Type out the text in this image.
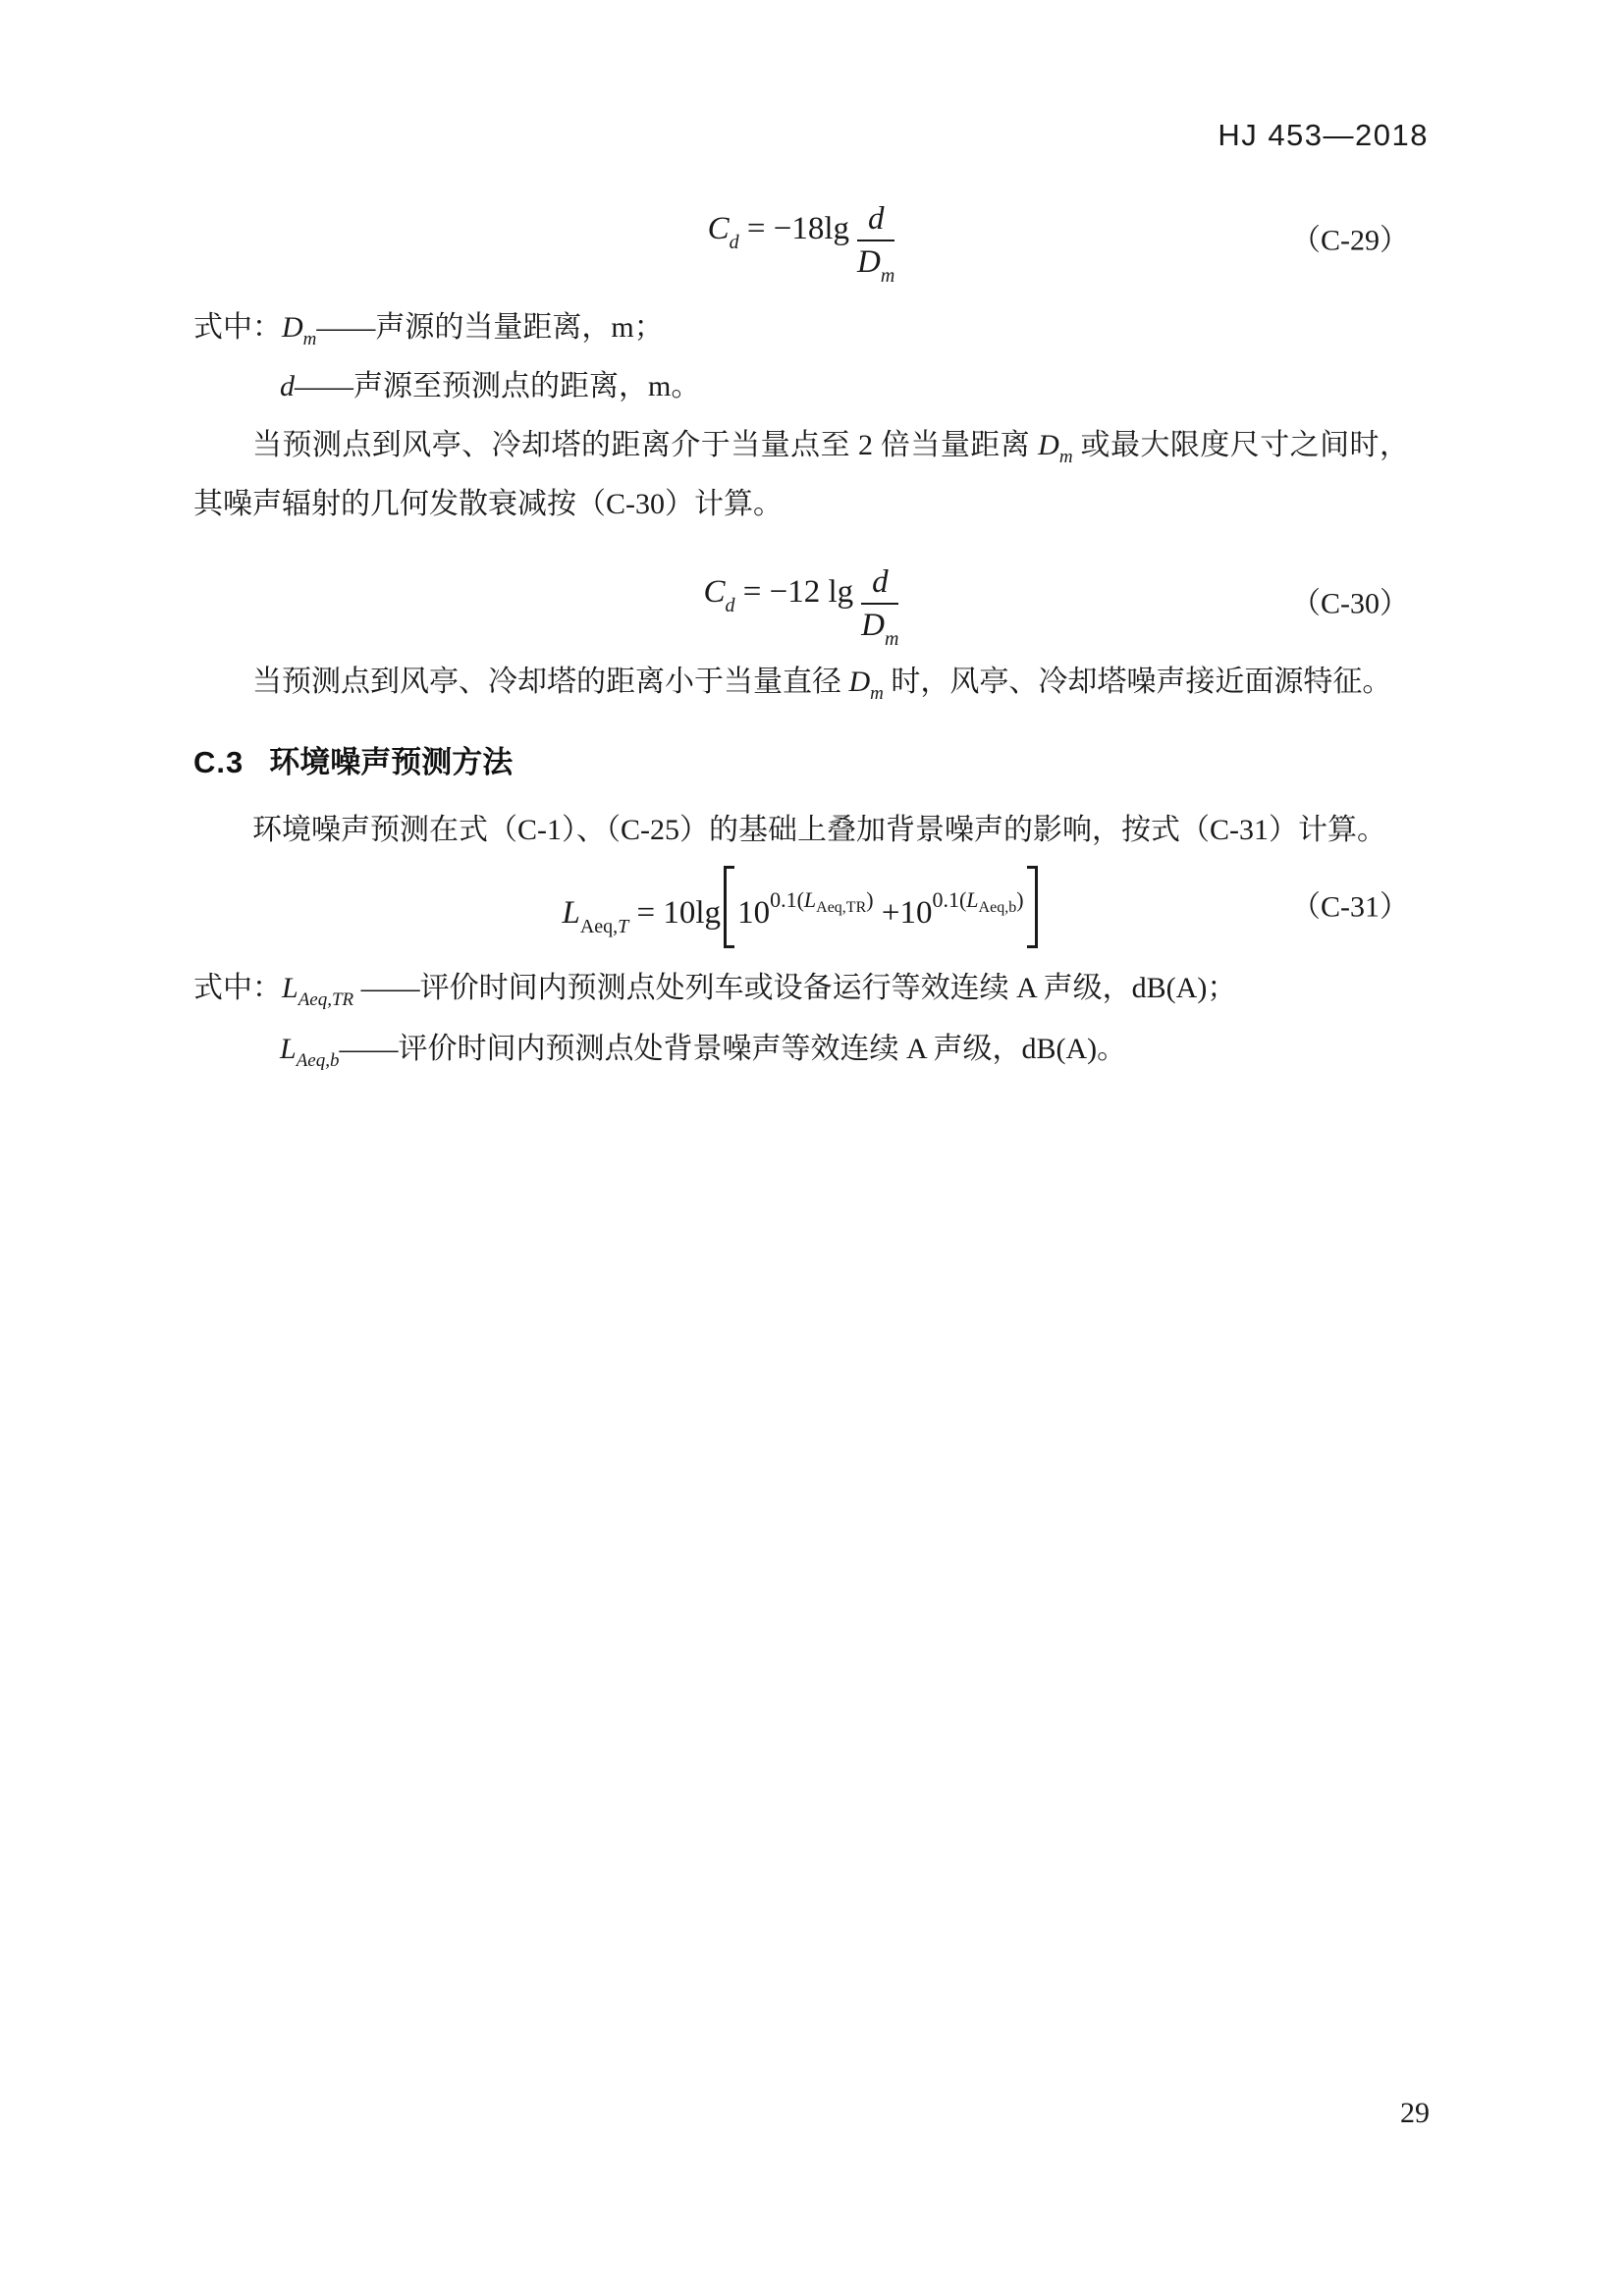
HJ 453—2018
$C_d = -18\lg \frac{d}{D_m}$	（C-29）
式中：$D_m——$声源的当量距离，m；
d——声源至预测点的距离，m。

当预测点到风亭、冷却塔的距离介于当量点至 2 倍当量距离 $D_m$ 或最大限度尺寸之间时，其噪声辐射的几何发散衰减按（C-30）计算。

$C_d = -12$ $\lg \frac{d}{D_m}$	（C-30）

当预测点到风亭、冷却塔的距离小于当量直径 $D_m$ 时，风亭、冷却塔噪声接近面源特征。

C.3 环境噪声预测方法

环境噪声预测在式（C-1）、（C-25）的基础上叠加背景噪声的影响，按式（C-31）计算。

$L_{Aeq,T} = 10\lg$ $10^{0.1(L_{Aeq,TR})} +10^{0.1(L_{Aeq,b})}$	（C-31）
式中：$L_{Aeq,TR}$ ——评价时间内预测点处列车或设备运行等效连续 A 声级，dB(A)；
$L_{Aeq,b}——$评价时间内预测点处背景噪声等效连续 A 声级，dB(A)。
29
